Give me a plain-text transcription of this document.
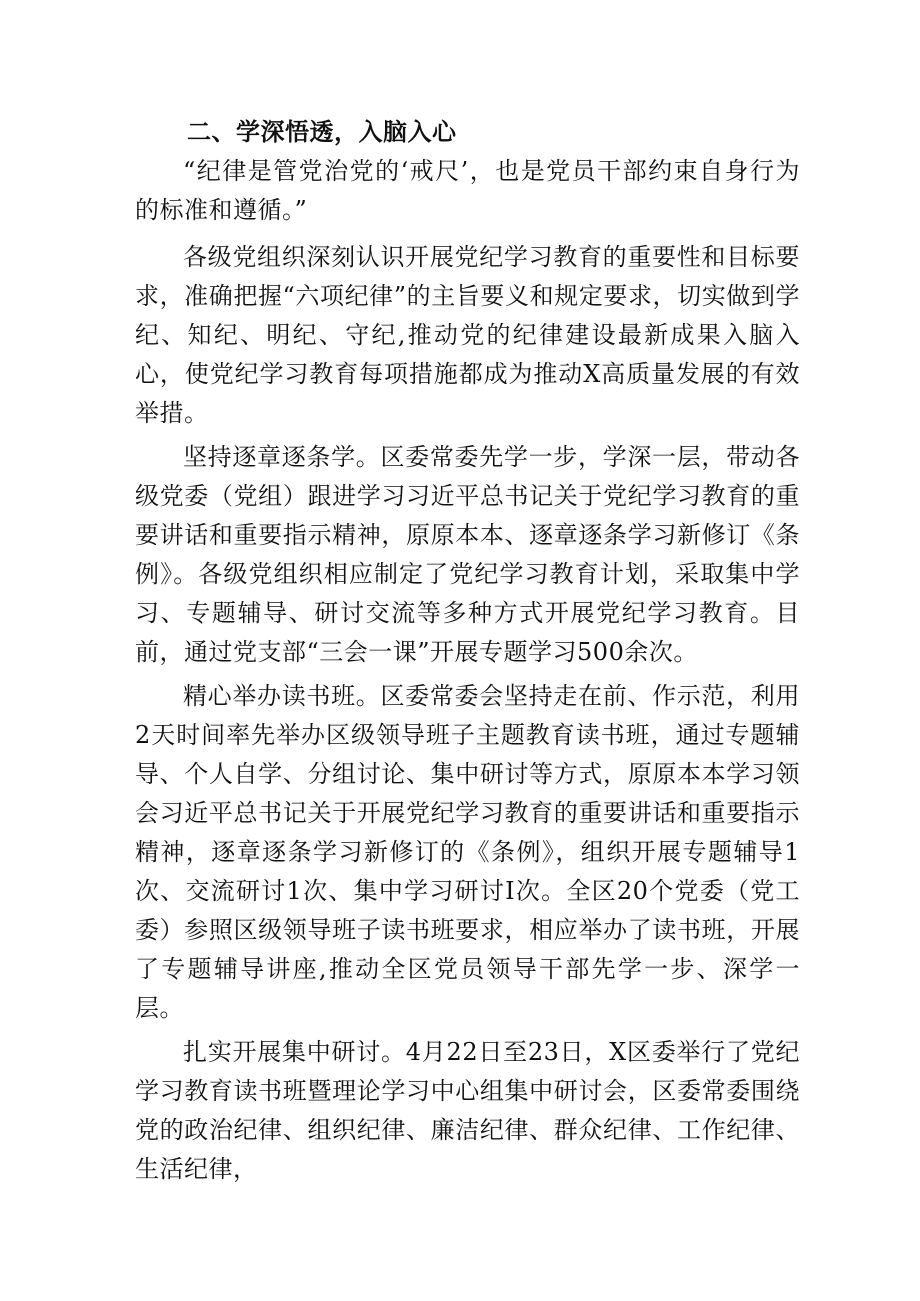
二、学深悟透，入脑入心

“纪律是管党治党的‘戒尺’，也是党员干部约束自身行为的标准和遵循。”

各级党组织深刻认识开展党纪学习教育的重要性和目标要求，准确把握“六项纪律”的主旨要义和规定要求，切实做到学纪、知纪、明纪、守纪,推动党的纪律建设最新成果入脑入心，使党纪学习教育每项措施都成为推动X高质量发展的有效举措。

坚持逐章逐条学。区委常委先学一步，学深一层，带动各级党委（党组）跟进学习习近平总书记关于党纪学习教育的重要讲话和重要指示精神，原原本本、逐章逐条学习新修订《条例》。各级党组织相应制定了党纪学习教育计划，采取集中学习、专题辅导、研讨交流等多种方式开展党纪学习教育。目前，通过党支部“三会一课”开展专题学习500余次。

精心举办读书班。区委常委会坚持走在前、作示范，利用2天时间率先举办区级领导班子主题教育读书班，通过专题辅导、个人自学、分组讨论、集中研讨等方式，原原本本学习领会习近平总书记关于开展党纪学习教育的重要讲话和重要指示精神，逐章逐条学习新修订的《条例》，组织开展专题辅导1次、交流研讨1次、集中学习研讨I次。全区20个党委（党工委）参照区级领导班子读书班要求，相应举办了读书班，开展了专题辅导讲座,推动全区党员领导干部先学一步、深学一层。

扎实开展集中研讨。4月22日至23日，X区委举行了党纪学习教育读书班暨理论学习中心组集中研讨会，区委常委围绕党的政治纪律、组织纪律、廉洁纪律、群众纪律、工作纪律、生活纪律，
